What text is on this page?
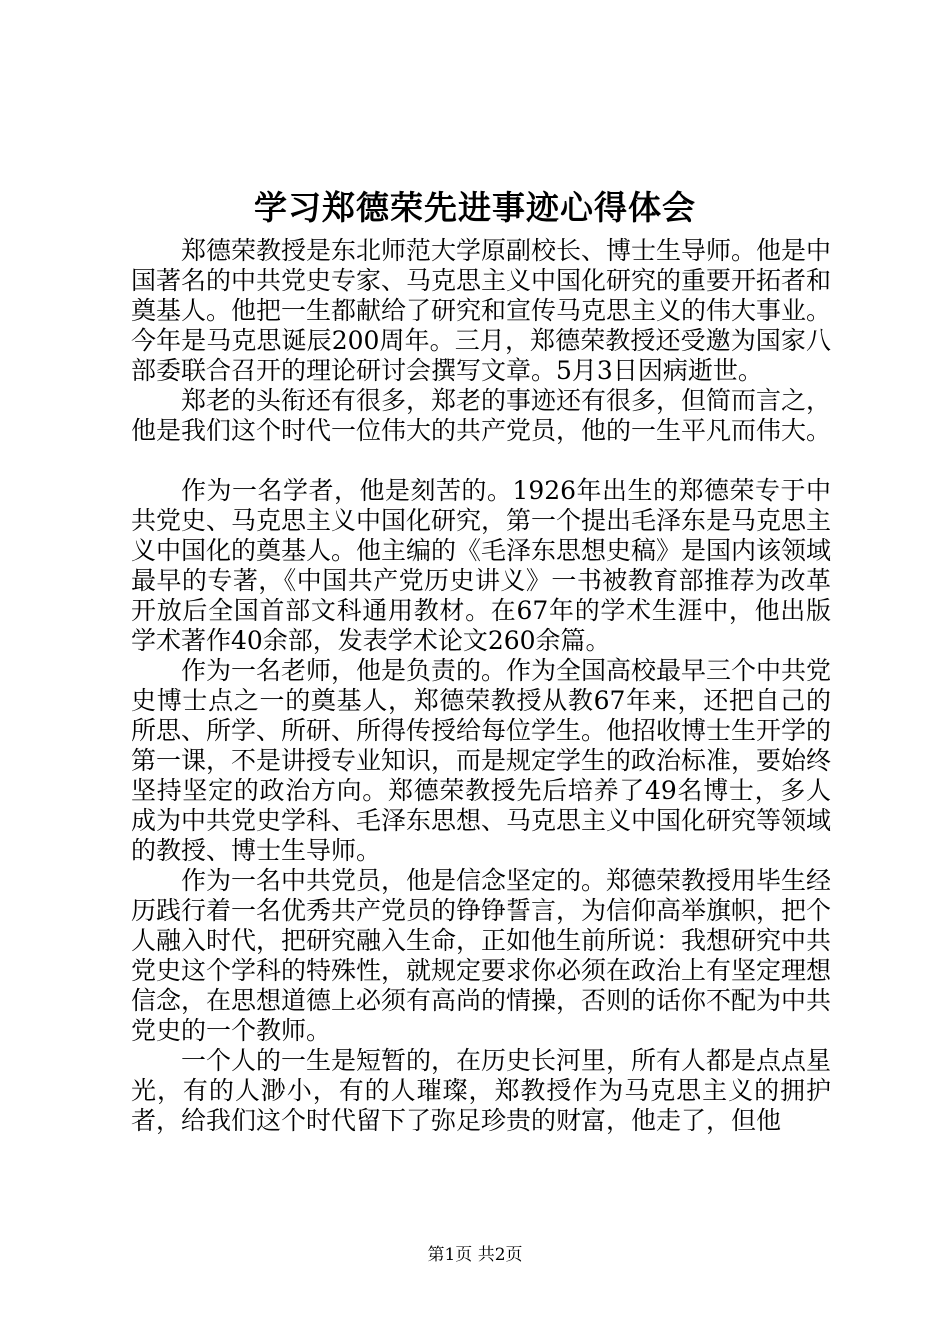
学习郑德荣先进事迹心得体会

郑德荣教授是东北师范大学原副校长、博士生导师。他是中国著名的中共党史专家、马克思主义中国化研究的重要开拓者和奠基人。他把一生都献给了研究和宣传马克思主义的伟大事业。今年是马克思诞辰200周年。三月，郑德荣教授还受邀为国家八部委联合召开的理论研讨会撰写文章。5月3日因病逝世。

郑老的头衔还有很多，郑老的事迹还有很多，但简而言之，他是我们这个时代一位伟大的共产党员，他的一生平凡而伟大。

作为一名学者，他是刻苦的。1926年出生的郑德荣专于中共党史、马克思主义中国化研究，第一个提出毛泽东是马克思主义中国化的奠基人。他主编的《毛泽东思想史稿》是国内该领域最早的专著，《中国共产党历史讲义》一书被教育部推荐为改革开放后全国首部文科通用教材。在67年的学术生涯中，他出版学术著作40余部，发表学术论文260余篇。

作为一名老师，他是负责的。作为全国高校最早三个中共党史博士点之一的奠基人，郑德荣教授从教67年来，还把自己的所思、所学、所研、所得传授给每位学生。他招收博士生开学的第一课，不是讲授专业知识，而是规定学生的政治标准，要始终坚持坚定的政治方向。郑德荣教授先后培养了49名博士，多人成为中共党史学科、毛泽东思想、马克思主义中国化研究等领域的教授、博士生导师。

作为一名中共党员，他是信念坚定的。郑德荣教授用毕生经历践行着一名优秀共产党员的铮铮誓言，为信仰高举旗帜，把个人融入时代，把研究融入生命，正如他生前所说：我想研究中共党史这个学科的特殊性，就规定要求你必须在政治上有坚定理想信念，在思想道德上必须有高尚的情操，否则的话你不配为中共党史的一个教师。

一个人的一生是短暂的，在历史长河里，所有人都是点点星光，有的人渺小，有的人璀璨，郑教授作为马克思主义的拥护者，给我们这个时代留下了弥足珍贵的财富，他走了，但他

第1页 共2页
